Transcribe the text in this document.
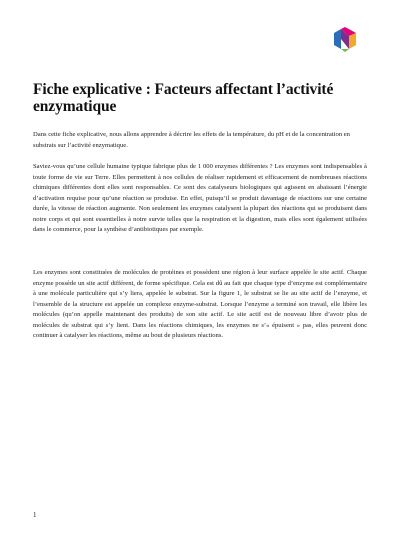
Fiche explicative : Facteurs affectant l’activité enzymatique

Dans cette fiche explicative, nous allons apprendre à décrire les effets de la température, du pH et de la concentration en substrats sur l’activité enzymatique.

Saviez-vous qu’une cellule humaine typique fabrique plus de 1 000 enzymes différentes ? Les enzymes sont indispensables à toute forme de vie sur Terre. Elles permettent à nos cellules de réaliser rapidement et efficacement de nombreuses réactions chimiques différentes dont elles sont responsables. Ce sont des catalyseurs biologiques qui agissent en abaissant l’énergie d’activation requise pour qu’une réaction se produise. En effet, puisqu’il se produit davantage de réactions sur une certaine durée, la vitesse de réaction augmente. Non seulement les enzymes catalysent la plupart des réactions qui se produisent dans notre corps et qui sont essentielles à notre survie telles que la respiration et la digestion, mais elles sont également utilisées dans le commerce, pour la synthèse d’antibiotiques par exemple.

Les enzymes sont constituées de molécules de protéines et possèdent une région à leur surface appelée le site actif. Chaque enzyme possède un site actif différent, de forme spécifique. Cela est dû au fait que chaque type d’enzyme est complémentaire à une molécule particulière qui s’y liera, appelée le substrat. Sur la figure 1, le substrat se lie au site actif de l’enzyme, et l’ensemble de la structure est appelée un complexe enzyme-substrat. Lorsque l’enzyme a terminé son travail, elle libère les molécules (qu’on appelle maintenant des produits) de son site actif. Le site actif est de nouveau libre d’avoir plus de molécules de substrat qui s’y lient. Dans les réactions chimiques, les enzymes ne s’« épuisent » pas, elles peuvent donc continuer à catalyser les réactions, même au bout de plusieurs réactions.

1
